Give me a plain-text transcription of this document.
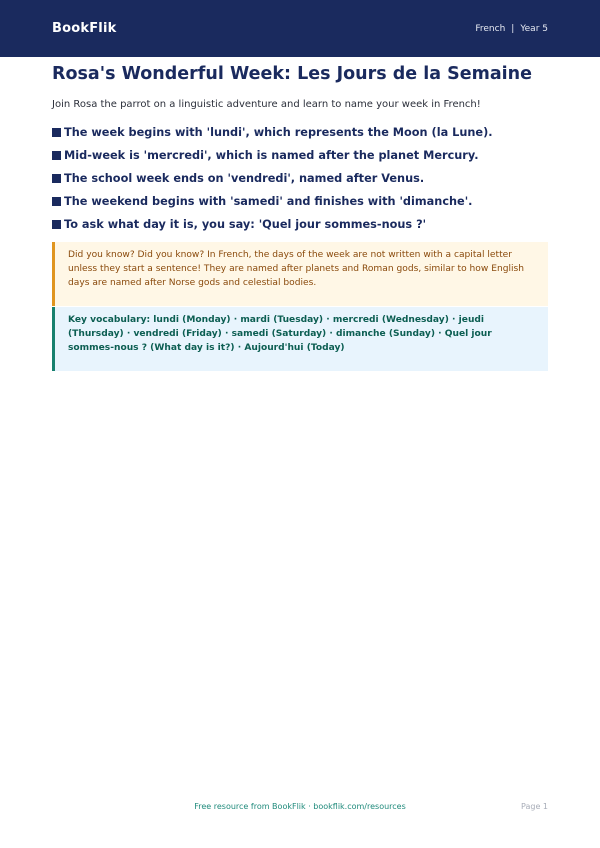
BookFlik	French | Year 5
Rosa's Wonderful Week: Les Jours de la Semaine

Join Rosa the parrot on a linguistic adventure and learn to name your week in French!

The week begins with 'lundi', which represents the Moon (la Lune).
Mid-week is 'mercredi', which is named after the planet Mercury.
The school week ends on 'vendredi', named after Venus.
The weekend begins with 'samedi' and finishes with 'dimanche'.
To ask what day it is, you say: 'Quel jour sommes-nous ?'
Did you know? Did you know? In French, the days of the week are not written with a capital letter unless they start a sentence! They are named after planets and Roman gods, similar to how English days are named after Norse gods and celestial bodies.
Key vocabulary: lundi (Monday) · mardi (Tuesday) · mercredi (Wednesday) · jeudi (Thursday) · vendredi (Friday) · samedi (Saturday) · dimanche (Sunday) · Quel jour sommes-nous ? (What day is it?) · Aujourd'hui (Today)
Free resource from BookFlik · bookflik.com/resources	Page 1
